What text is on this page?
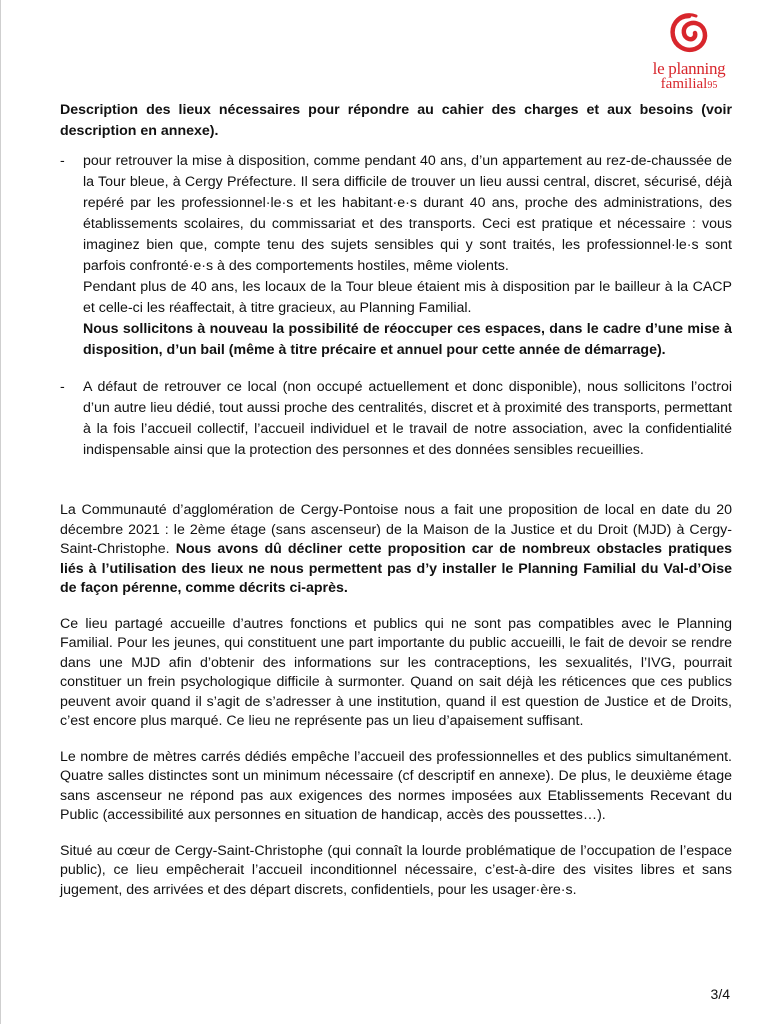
le planning
familial95

Description des lieux nécessaires pour répondre au cahier des charges et aux besoins (voir description en annexe).

- pour retrouver la mise à disposition, comme pendant 40 ans, d’un appartement au rez-de-chaussée de la Tour bleue, à Cergy Préfecture. Il sera difficile de trouver un lieu aussi central, discret, sécurisé, déjà repéré par les professionnel·le·s et les habitant·e·s durant 40 ans, proche des administrations, des établissements scolaires, du commissariat et des transports. Ceci est pratique et nécessaire : vous imaginez bien que, compte tenu des sujets sensibles qui y sont traités, les professionnel·le·s sont parfois confronté·e·s à des comportements hostiles, même violents.

Pendant plus de 40 ans, les locaux de la Tour bleue étaient mis à disposition par le bailleur à la CACP et celle-ci les réaffectait, à titre gracieux, au Planning Familial.

Nous sollicitons à nouveau la possibilité de réoccuper ces espaces, dans le cadre d’une mise à disposition, d’un bail (même à titre précaire et annuel pour cette année de démarrage).

- A défaut de retrouver ce local (non occupé actuellement et donc disponible), nous sollicitons l’octroi d’un autre lieu dédié, tout aussi proche des centralités, discret et à proximité des transports, permettant à la fois l’accueil collectif, l’accueil individuel et le travail de notre association, avec la confidentialité indispensable ainsi que la protection des personnes et des données sensibles recueillies.

La Communauté d’agglomération de Cergy-Pontoise nous a fait une proposition de local en date du 20 décembre 2021 : le 2ème étage (sans ascenseur) de la Maison de la Justice et du Droit (MJD) à Cergy-Saint-Christophe. Nous avons dû décliner cette proposition car de nombreux obstacles pratiques liés à l’utilisation des lieux ne nous permettent pas d’y installer le Planning Familial du Val-d’Oise de façon pérenne, comme décrits ci-après.

Ce lieu partagé accueille d’autres fonctions et publics qui ne sont pas compatibles avec le Planning Familial. Pour les jeunes, qui constituent une part importante du public accueilli, le fait de devoir se rendre dans une MJD afin d’obtenir des informations sur les contraceptions, les sexualités, l’IVG, pourrait constituer un frein psychologique difficile à surmonter. Quand on sait déjà les réticences que ces publics peuvent avoir quand il s’agit de s’adresser à une institution, quand il est question de Justice et de Droits, c’est encore plus marqué. Ce lieu ne représente pas un lieu d’apaisement suffisant.

Le nombre de mètres carrés dédiés empêche l’accueil des professionnelles et des publics simultanément. Quatre salles distinctes sont un minimum nécessaire (cf descriptif en annexe). De plus, le deuxième étage sans ascenseur ne répond pas aux exigences des normes imposées aux Etablissements Recevant du Public (accessibilité aux personnes en situation de handicap, accès des poussettes…).

Situé au cœur de Cergy-Saint-Christophe (qui connaît la lourde problématique de l’occupation de l’espace public), ce lieu empêcherait l’accueil inconditionnel nécessaire, c’est-à-dire des visites libres et sans jugement, des arrivées et des départ discrets, confidentiels, pour les usager·ère·s.

3/4
